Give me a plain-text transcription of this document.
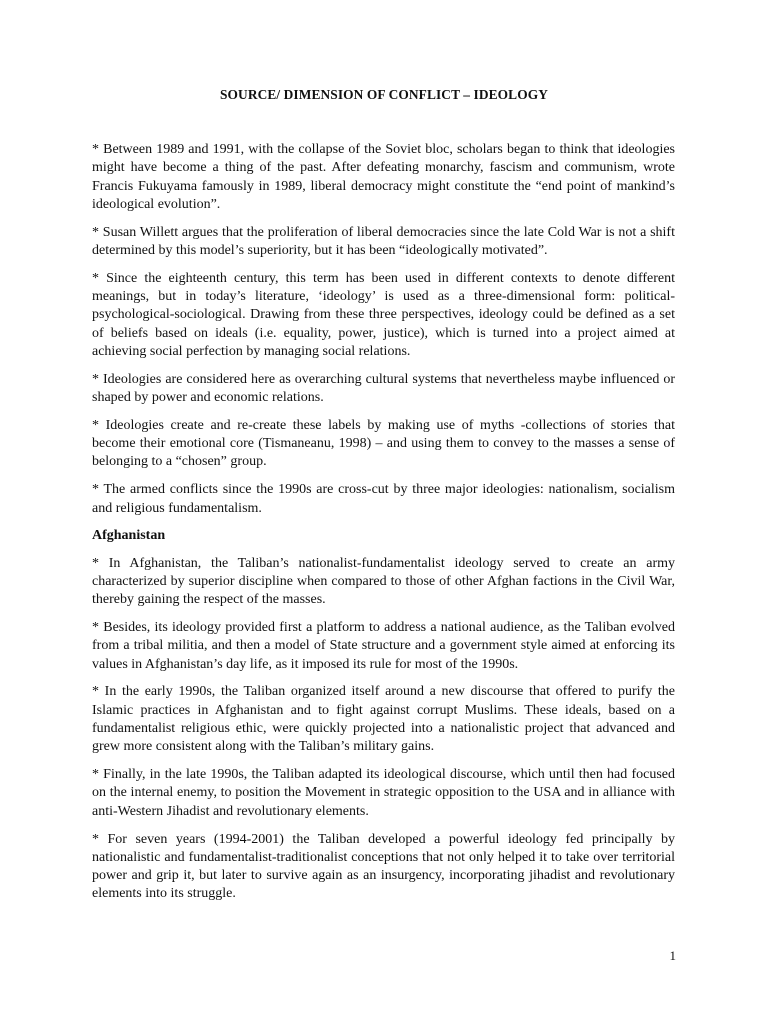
SOURCE/ DIMENSION OF CONFLICT – IDEOLOGY

* Between 1989 and 1991, with the collapse of the Soviet bloc, scholars began to think that ideologies might have become a thing of the past. After defeating monarchy, fascism and communism, wrote Francis Fukuyama famously in 1989, liberal democracy might constitute the “end point of mankind’s ideological evolution”.

* Susan Willett argues that the proliferation of liberal democracies since the late Cold War is not a shift determined by this model’s superiority, but it has been “ideologically motivated”.

* Since the eighteenth century, this term has been used in different contexts to denote different meanings, but in today’s literature, ‘ideology’ is used as a three-dimensional form: political-psychological-sociological. Drawing from these three perspectives, ideology could be defined as a set of beliefs based on ideals (i.e. equality, power, justice), which is turned into a project aimed at achieving social perfection by managing social relations.

* Ideologies are considered here as overarching cultural systems that nevertheless maybe influenced or shaped by power and economic relations.

* Ideologies create and re-create these labels by making use of myths -collections of stories that become their emotional core (Tismaneanu, 1998) – and using them to convey to the masses a sense of belonging to a “chosen” group.

* The armed conflicts since the 1990s are cross-cut by three major ideologies: nationalism, socialism and religious fundamentalism.

Afghanistan

* In Afghanistan, the Taliban’s nationalist-fundamentalist ideology served to create an army characterized by superior discipline when compared to those of other Afghan factions in the Civil War, thereby gaining the respect of the masses.

* Besides, its ideology provided first a platform to address a national audience, as the Taliban evolved from a tribal militia, and then a model of State structure and a government style aimed at enforcing its values in Afghanistan’s day life, as it imposed its rule for most of the 1990s.

* In the early 1990s, the Taliban organized itself around a new discourse that offered to purify the Islamic practices in Afghanistan and to fight against corrupt Muslims. These ideals, based on a fundamentalist religious ethic, were quickly projected into a nationalistic project that advanced and grew more consistent along with the Taliban’s military gains.

* Finally, in the late 1990s, the Taliban adapted its ideological discourse, which until then had focused on the internal enemy, to position the Movement in strategic opposition to the USA and in alliance with anti-Western Jihadist and revolutionary elements.

* For seven years (1994-2001) the Taliban developed a powerful ideology fed principally by nationalistic and fundamentalist-traditionalist conceptions that not only helped it to take over territorial power and grip it, but later to survive again as an insurgency, incorporating jihadist and revolutionary elements into its struggle.

1
